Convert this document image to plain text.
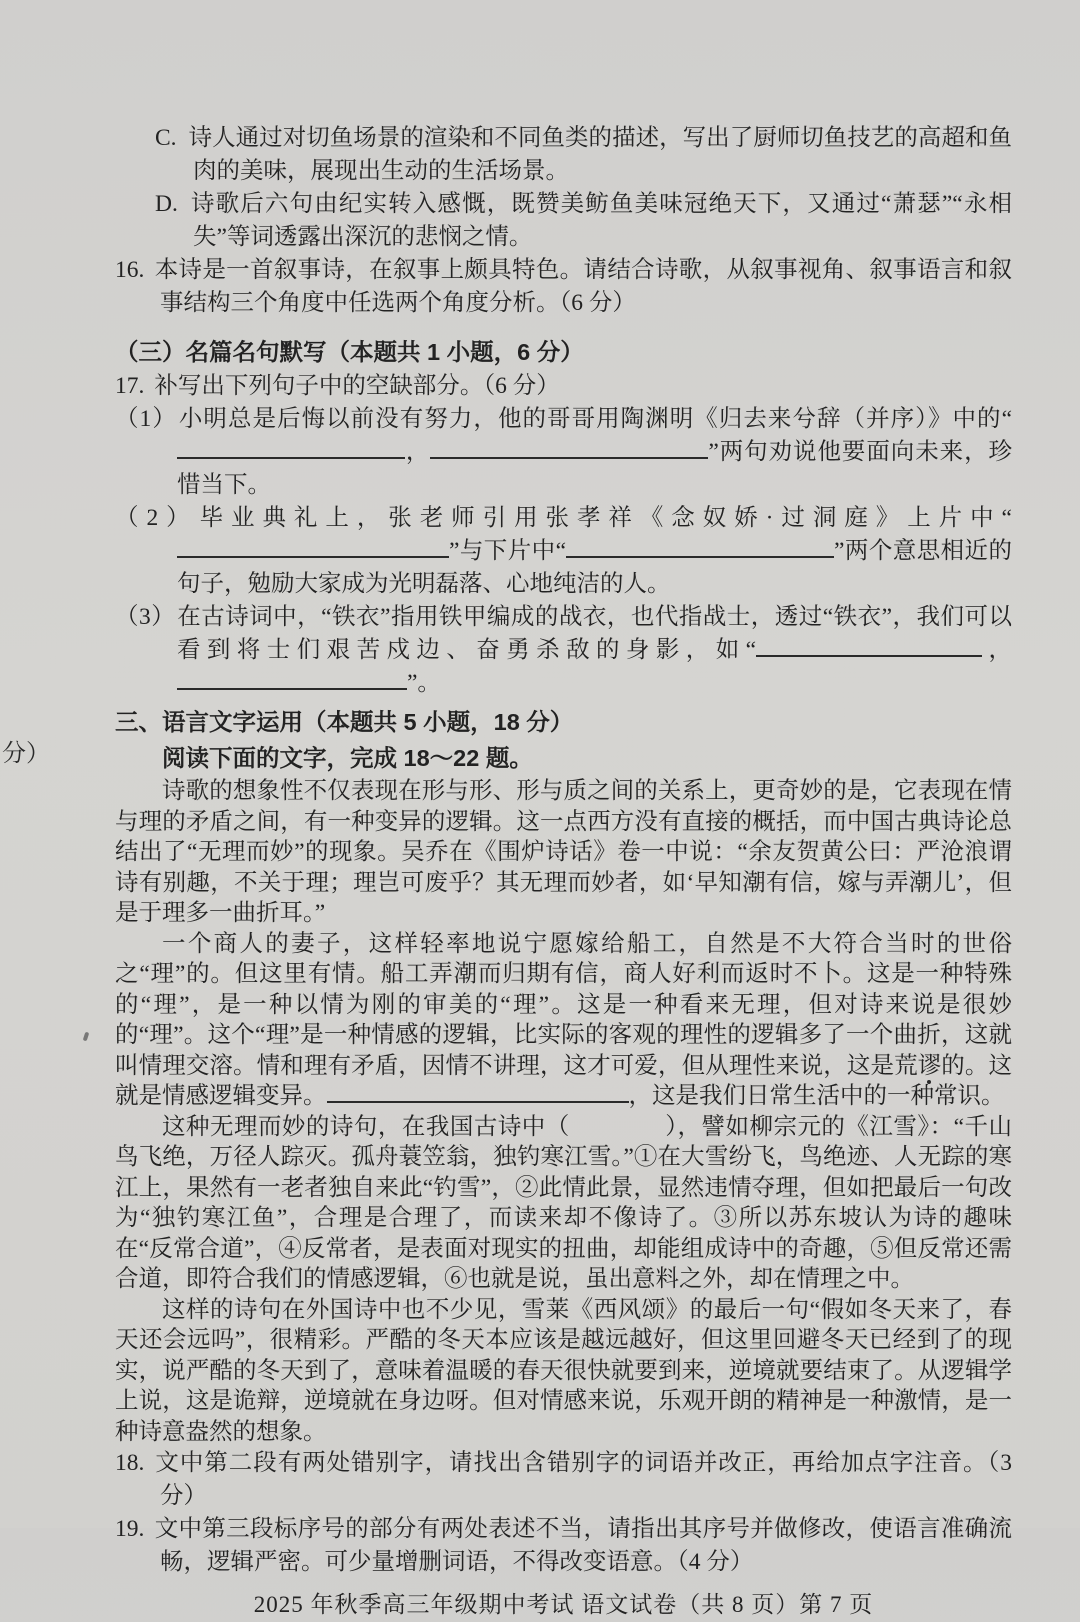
分）
C. 诗人通过对切鱼场景的渲染和不同鱼类的描述，写出了厨师切鱼技艺的高超和鱼肉的美味，展现出生动的生活场景。
D. 诗歌后六句由纪实转入感慨，既赞美鲂鱼美味冠绝天下，又通过“萧瑟”“永相失”等词透露出深沉的悲悯之情。
16. 本诗是一首叙事诗，在叙事上颇具特色。请结合诗歌，从叙事视角、叙事语言和叙事结构三个角度中任选两个角度分析。（6 分）
（三）名篇名句默写（本题共 1 小题，6 分）
17. 补写出下列句子中的空缺部分。（6 分）
（1）小明总是后悔以前没有努力，他的哥哥用陶渊明《归去来兮辞（并序）》中的“，	”两句劝说他要面向未来，珍惜当下。
（2）毕业典礼上，张老师引用张孝祥《念奴娇·过洞庭》上片中“”与下片中“	”两个意思相近的句子，勉励大家成为光明磊落、心地纯洁的人。
（3）在古诗词中，“铁衣”指用铁甲编成的战衣，也代指战士，透过“铁衣”，我们可以看到将士们艰苦戍边、奋勇杀敌的身影，如“	，”。
三、语言文字运用（本题共 5 小题，18 分）
阅读下面的文字，完成 18～22 题。
诗歌的想象性不仅表现在形与形、形与质之间的关系上，更奇妙的是，它表现在情与理的矛盾之间，有一种变异的逻辑。这一点西方没有直接的概括，而中国古典诗论总结出了“无理而妙”的现象。吴乔在《围炉诗话》卷一中说：“余友贺黄公曰：严沧浪谓诗有别趣，不关于理；理岂可废乎？其无理而妙者，如‘早知潮有信，嫁与弄潮儿’，但是于理多一曲折耳。”
一个商人的妻子，这样轻率地说宁愿嫁给船工，自然是不大符合当时的世俗之“理”的。但这里有情。船工弄潮而归期有信，商人好利而返时不卜。这是一种特殊的“理”，是一种以情为刚的审美的“理”。这是一种看来无理，但对诗来说是很妙的“理”。这个“理”是一种情感的逻辑，比实际的客观的理性的逻辑多了一个曲折，这就叫情理交溶。情和理有矛盾，因情不讲理，这才可爱，但从理性来说，这是荒谬的。这就是情感逻辑变异。	，这是我们日常生活中的一种常识。
这种无理而妙的诗句，在我国古诗中（	），譬如柳宗元的《江雪》：“千山鸟飞绝，万径人踪灭。孤舟蓑笠翁，独钓寒江雪。”①在大雪纷飞，鸟绝迹、人无踪的寒江上，果然有一老者独自来此“钓雪”，②此情此景，显然违情夺理，但如把最后一句改为“独钓寒江鱼”，合理是合理了，而读来却不像诗了。③所以苏东坡认为诗的趣味在“反常合道”，④反常者，是表面对现实的扭曲，却能组成诗中的奇趣，⑤但反常还需合道，即符合我们的情感逻辑，⑥也就是说，虽出意料之外，却在情理之中。
这样的诗句在外国诗中也不少见，雪莱《西风颂》的最后一句“假如冬天来了，春天还会远吗”，很精彩。严酷的冬天本应该是越远越好，但这里回避冬天已经到了的现实，说严酷的冬天到了，意味着温暖的春天很快就要到来，逆境就要结束了。从逻辑学上说，这是诡辩，逆境就在身边呀。但对情感来说，乐观开朗的精神是一种激情，是一种诗意盎然的想象。
18. 文中第二段有两处错别字，请找出含错别字的词语并改正，再给加点字注音。（3 分）
19. 文中第三段标序号的部分有两处表述不当，请指出其序号并做修改，使语言准确流畅，逻辑严密。可少量增删词语，不得改变语意。（4 分）
2025 年秋季高三年级期中考试 语文试卷（共 8 页）第 7 页
